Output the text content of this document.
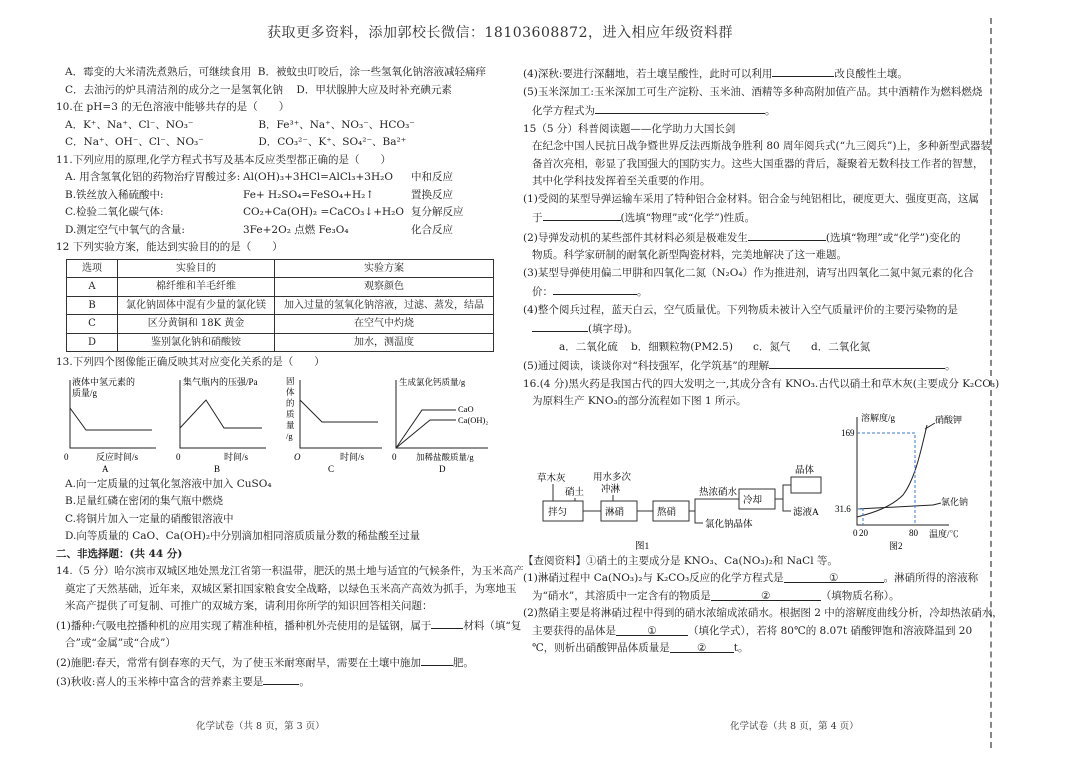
获取更多资料，添加郭校长微信：18103608872，进入相应年级资料群
A．霉变的大米清洗煮熟后，可继续食用 B．被蚊虫叮咬后，涂一些氢氧化钠溶液减轻痛痒
C．去油污的炉具清洁剂的成分之一是氢氧化钠 D．甲状腺肿大应及时补充碘元素
10.在 pH=3 的无色溶液中能够共存的是（　　）
A．K⁺、Na⁺、Cl⁻、NO₃⁻	B．Fe³⁺、Na⁺、NO₃⁻、HCO₃⁻
C．Na⁺、OH⁻、Cl⁻、NO₃⁻	D．CO₃²⁻、K⁺、SO₄²⁻、Ba²⁺
11.下列应用的原理,化学方程式书写及基本反应类型都正确的是（　　）
A. 用含氢氧化铝的药物治疗胃酸过多: Al(OH)₃+3HCl=AlCl₃+3H₂O 中和反应
B.铁丝放入稀硫酸中:	Fe+ H₂SO₄=FeSO₄+H₂↑	置换反应
C.检验二氧化碳气体:	CO₂+Ca(OH)₂ =CaCO₃↓+H₂O 复分解反应
D.测定空气中氧气的含量:	3Fe+2O₂ 点燃 Fe₃O₄	化合反应
12 下列实验方案，能达到实验目的的是（　　）
选项	实验目的	实验方案
A	棉纤维和羊毛纤维	观察颜色
B	氯化钠固体中混有少量的氯化镁	加入过量的氢氧化钠溶液，过滤、蒸发，结晶
C	区分黄铜和 18K 黄金	在空气中灼烧
D	鉴别氯化钠和硝酸铵	加水，测温度
13.下列四个图像能正确反映其对应变化关系的是（　　）
液体中氢元素的
质量/g
0	反应时间/s
A
集气瓶内的压强/Pa
0	时间/s
B
固
体
的
质
量
/g
O	时间/s
C
生成氯化钙质量/g
CaO
Ca(OH)₂
0 加稀盐酸质量/g
D
A.向一定质量的过氧化氢溶液中加入 CuSO₄
B.足量红磷在密闭的集气瓶中燃烧
C.将铜片加入一定量的硝酸银溶液中
D.向等质量的 CaO、Ca(OH)₂中分别滴加相同溶质质量分数的稀盐酸至过量
二、非选择题：(共 44 分)
14.（5 分）哈尔滨市双城区地处黑龙江省第一积温带，肥沃的黑土地与适宜的气候条件，为玉米高产
奠定了天然基础，近年来，双城区紧扣国家粮食安全战略，以绿色玉米高产高效为抓手，为寒地玉
米高产提供了可复制、可推广的双城方案，请利用你所学的知识回答相关问题：
(1)播种:气吸电控播种机的应用实现了精准种植，播种机外壳使用的是锰钢，属于	材料（填“复
合”或“金属”或“合成”）
(2)施肥:春天，常常有倒春寒的天气，为了使玉米耐寒耐旱，需要在土壤中施加	肥。
(3)秋收:喜人的玉米棒中富含的营养素主要是	。
(4)深秋:要进行深翻地，若土壤呈酸性，此时可以利用	改良酸性土壤。
(5)玉米深加工:玉米深加工可生产淀粉、玉米油、酒精等多种高附加值产品。其中酒精作为燃料燃烧
化学方程式为	。
15（5 分）科普阅读题——化学助力大国长剑
在纪念中国人民抗日战争暨世界反法西斯战争胜利 80 周年阅兵式(“九三阅兵”)上，多种新型武器装
备首次亮相，彰显了我国强大的国防实力。这些大国重器的背后，凝聚着无数科技工作者的智慧，
其中化学科技发挥着至关重要的作用。
(1)受阅的某型导弹运输车采用了特种铝合金材料。铝合金与纯铝相比，硬度更大、强度更高，这属
于	(选填“物理”或“化学”)性质。
(2)导弹发动机的某些部件其材料必须是极难发生	(选填“物理”或“化学”)变化的
物质。科学家研制的耐氧化新型陶瓷材料，完美地解决了这一难题。
(3)某型导弹使用偏二甲肼和四氧化二氮（N₂O₄）作为推进剂，请写出四氧化二氮中氮元素的化合
价：	。
(4)整个阅兵过程，蓝天白云，空气质量优。下列物质未被计入空气质量评价的主要污染物的是
(填字母)。
a．二氧化硫 b．细颗粒物(PM2.5) c．氮气 d．二氧化氮
(5)通过阅读，谈谈你对“科技强军，化学筑基”的理解	。
16.(4 分)黑火药是我国古代的四大发明之一,其成分含有 KNO₃.古代以硝土和草木灰(主要成分 K₂CO₃)
为原料生产 KNO₃的部分流程如下图 1 所示。
草木灰
硝土
用水多次
冲淋
拌匀	淋硝	熬硝
热浓硝水
冷却
晶体
滤液A
氯化钠晶体
图1
溶解度/g	硝酸钾
氯化钠
169
31.6
0 20	80 温度/℃
图2
【查阅资料】①硝土的主要成分是 KNO₃、Ca(NO₃)₂和 NaCl 等。
(1)淋硝过程中 Ca(NO₃)₂与 K₂CO₃反应的化学方程式是	①	。淋硝所得的溶液称
为“硝水”，其溶质中一定含有的物质是	②	（填物质名称）。
(2)熬硝主要是将淋硝过程中得到的硝水浓缩成浓硝水。根据图 2 中的溶解度曲线分析，冷却热浓硝水，
主要获得的晶体是	①	（填化学式），若将 80℃的 8.07t 硝酸钾饱和溶液降温到 20
℃，则析出硝酸钾晶体质量是	②	t。
化学试卷（共 8 页，第 3 页）	化学试卷（共 8 页，第 4 页）
